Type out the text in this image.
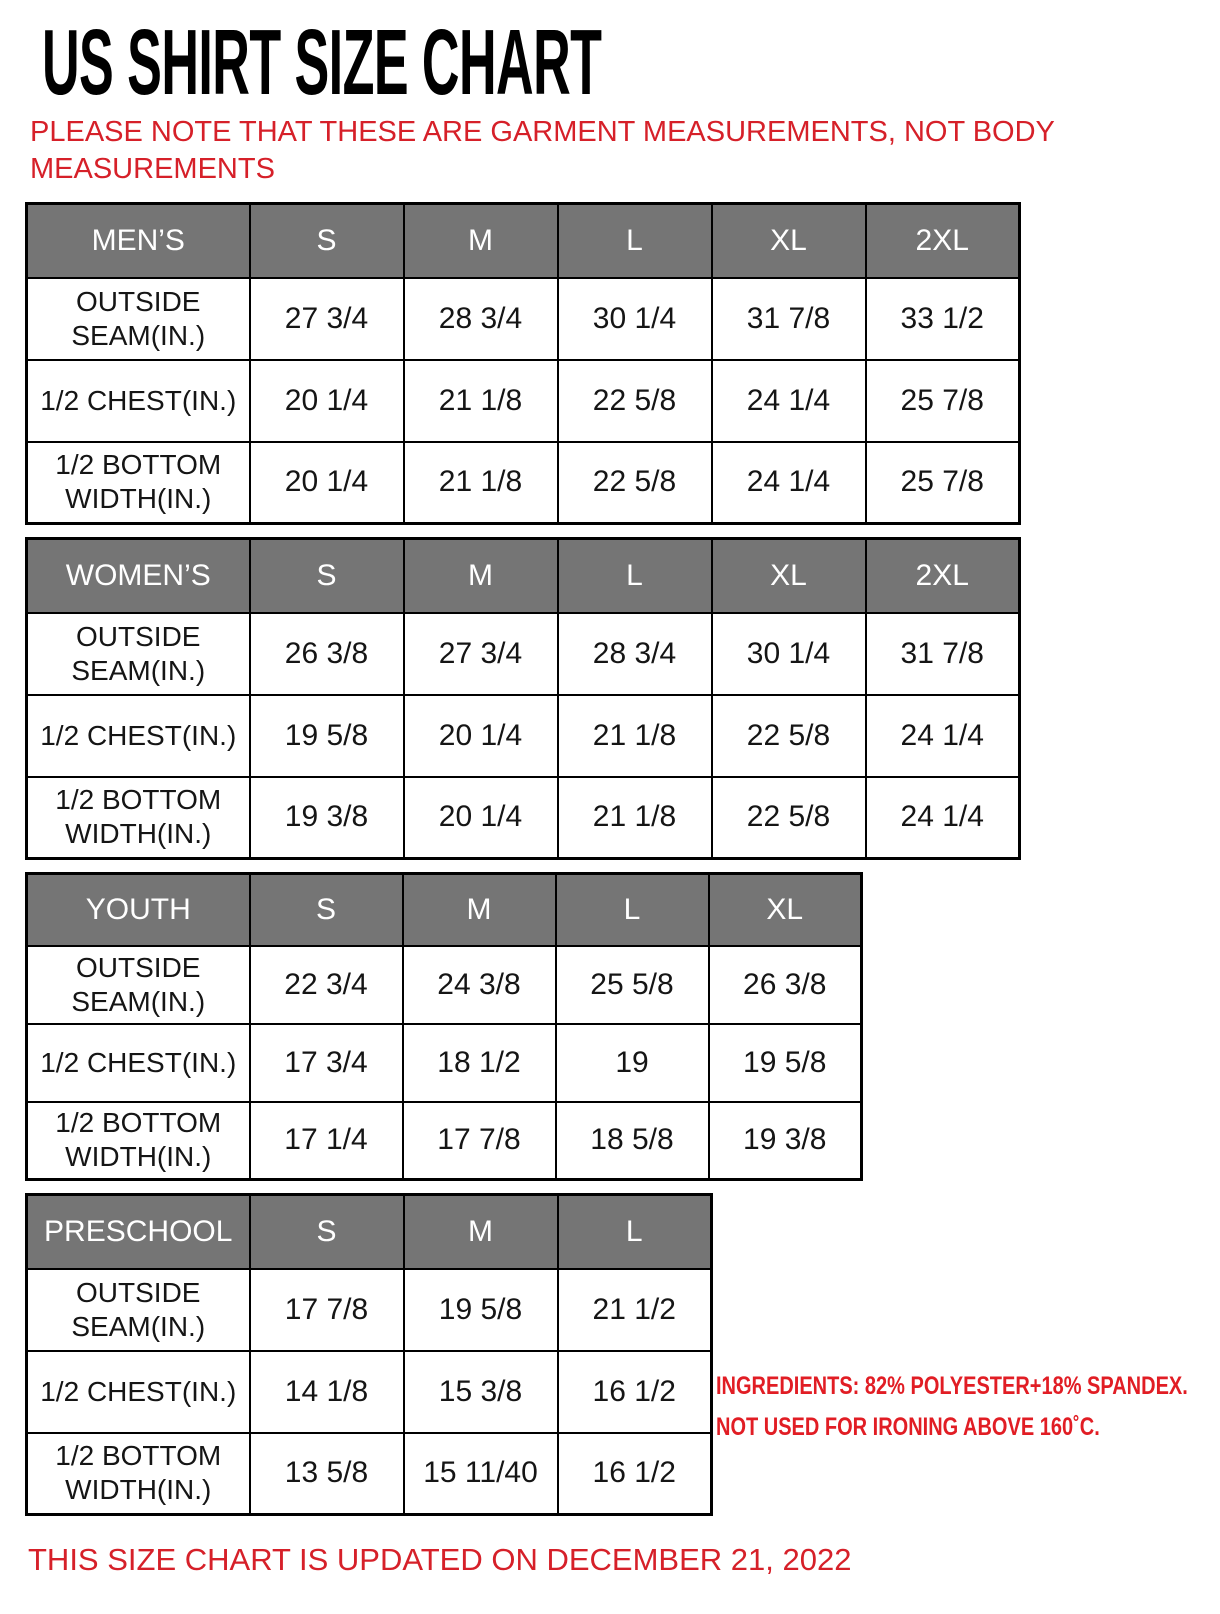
US SHIRT SIZE CHART

PLEASE NOTE THAT THESE ARE GARMENT MEASUREMENTS, NOT BODY
MEASUREMENTS

MEN’S	S	M	L	XL	2XL
OUTSIDE SEAM(IN.)	27 3/4	28 3/4	30 1/4	31 7/8	33 1/2
1/2 CHEST(IN.)	20 1/4	21 1/8	22 5/8	24 1/4	25 7/8
1/2 BOTTOM WIDTH(IN.)	20 1/4	21 1/8	22 5/8	24 1/4	25 7/8
WOMEN’S	S	M	L	XL	2XL
OUTSIDE SEAM(IN.)	26 3/8	27 3/4	28 3/4	30 1/4	31 7/8
1/2 CHEST(IN.)	19 5/8	20 1/4	21 1/8	22 5/8	24 1/4
1/2 BOTTOM WIDTH(IN.)	19 3/8	20 1/4	21 1/8	22 5/8	24 1/4
YOUTH	S	M	L	XL
OUTSIDE SEAM(IN.)	22 3/4	24 3/8	25 5/8	26 3/8
1/2 CHEST(IN.)	17 3/4	18 1/2	19	19 5/8
1/2 BOTTOM WIDTH(IN.)	17 1/4	17 7/8	18 5/8	19 3/8
PRESCHOOL	S	M	L
OUTSIDE SEAM(IN.)	17 7/8	19 5/8	21 1/2
1/2 CHEST(IN.)	14 1/8	15 3/8	16 1/2
1/2 BOTTOM WIDTH(IN.)	13 5/8	15 11/40	16 1/2
INGREDIENTS: 82% POLYESTER+18% SPANDEX.
NOT USED FOR IRONING ABOVE 160˚C.

THIS SIZE CHART IS UPDATED ON DECEMBER 21, 2022
